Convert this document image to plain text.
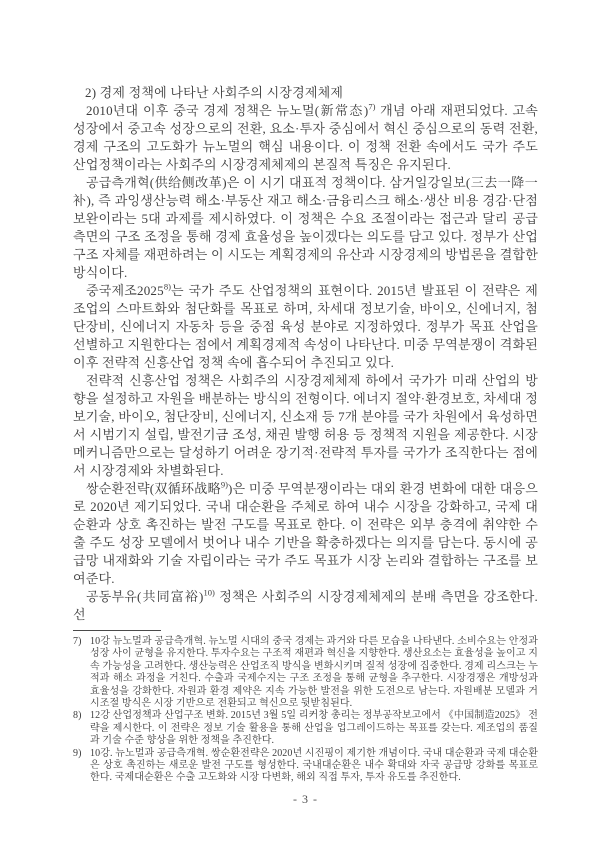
2) 경제 정책에 나타난 사회주의 시장경제체제

2010년대 이후 중국 경제 정책은 뉴노멀(新常态)$^{7)}$ 개념 아래 재편되었다. 고속 성장에서 중고속 성장으로의 전환, 요소·투자 중심에서 혁신 중심으로의 동력 전환, 경제 구조의 고도화가 뉴노멀의 핵심 내용이다. 이 정책 전환 속에서도 국가 주도 산업정책이라는 사회주의 시장경제체제의 본질적 특징은 유지된다.

공급측개혁(供给侧改革)은 이 시기 대표적 정책이다. 삼거일강일보(三去一降一补), 즉 과잉생산능력 해소·부동산 재고 해소·금융리스크 해소·생산 비용 경감·단점 보완이라는 5대 과제를 제시하였다. 이 정책은 수요 조절이라는 접근과 달리 공급 측면의 구조 조정을 통해 경제 효율성을 높이겠다는 의도를 담고 있다. 정부가 산업 구조 자체를 재편하려는 이 시도는 계획경제의 유산과 시장경제의 방법론을 결합한 방식이다.

중국제조2025$^{8)}$는 국가 주도 산업정책의 표현이다. 2015년 발표된 이 전략은 제조업의 스마트화와 첨단화를 목표로 하며, 차세대 정보기술, 바이오, 신에너지, 첨단장비, 신에너지 자동차 등을 중점 육성 분야로 지정하였다. 정부가 목표 산업을 선별하고 지원한다는 점에서 계획경제적 속성이 나타난다. 미중 무역분쟁이 격화된 이후 전략적 신흥산업 정책 속에 흡수되어 추진되고 있다.

전략적 신흥산업 정책은 사회주의 시장경제체제 하에서 국가가 미래 산업의 방향을 설정하고 자원을 배분하는 방식의 전형이다. 에너지 절약·환경보호, 차세대 정보기술, 바이오, 첨단장비, 신에너지, 신소재 등 7개 분야를 국가 차원에서 육성하면서 시범기지 설립, 발전기금 조성, 채권 발행 허용 등 정책적 지원을 제공한다. 시장 메커니즘만으로는 달성하기 어려운 장기적·전략적 투자를 국가가 조직한다는 점에서 시장경제와 차별화된다.

쌍순환전략(双循环战略$^{9)}$)은 미중 무역분쟁이라는 대외 환경 변화에 대한 대응으로 2020년 제기되었다. 국내 대순환을 주체로 하여 내수 시장을 강화하고, 국제 대순환과 상호 촉진하는 발전 구도를 목표로 한다. 이 전략은 외부 충격에 취약한 수출 주도 성장 모델에서 벗어나 내수 기반을 확충하겠다는 의지를 담는다. 동시에 공급망 내재화와 기술 자립이라는 국가 주도 목표가 시장 논리와 결합하는 구조를 보여준다.

공동부유(共同富裕)$^{10)}$ 정책은 사회주의 시장경제체제의 분배 측면을 강조한다. 선

7) 10강 뉴노멀과 공급측개혁. 뉴노멀 시대의 중국 경제는 과거와 다른 모습을 나타낸다. 소비수요는 안정과 성장 사이 균형을 유지한다. 투자수요는 구조적 재편과 혁신을 지향한다. 생산요소는 효율성을 높이고 지속 가능성을 고려한다. 생산능력은 산업조직 방식을 변화시키며 질적 성장에 집중한다. 경제 리스크는 누적과 해소 과정을 거친다. 수출과 국제수지는 구조 조정을 통해 균형을 추구한다. 시장경쟁은 개방성과 효율성을 강화한다. 자원과 환경 제약은 지속 가능한 발전을 위한 도전으로 남는다. 자원배분 모델과 거시조절 방식은 시장 기반으로 전환되고 혁신으로 뒷받침된다.

8) 12강 산업정책과 산업구조 변화. 2015년 3월 5일 리커창 총리는 정부공작보고에서 《中国制造2025》 전략을 제시한다. 이 전략은 정보 기술 활용을 통해 산업을 업그레이드하는 목표를 갖는다. 제조업의 품질과 기술 수준 향상을 위한 정책을 추진한다.

9) 10강. 뉴노멀과 공급측개혁. 쌍순환전략은 2020년 시진핑이 제기한 개념이다. 국내 대순환과 국제 대순환은 상호 촉진하는 새로운 발전 구도를 형성한다. 국내대순환은 내수 확대와 자국 공급망 강화를 목표로 한다. 국제대순환은 수출 고도화와 시장 다변화, 해외 직접 투자, 투자 유도를 추진한다.

- 3 -
